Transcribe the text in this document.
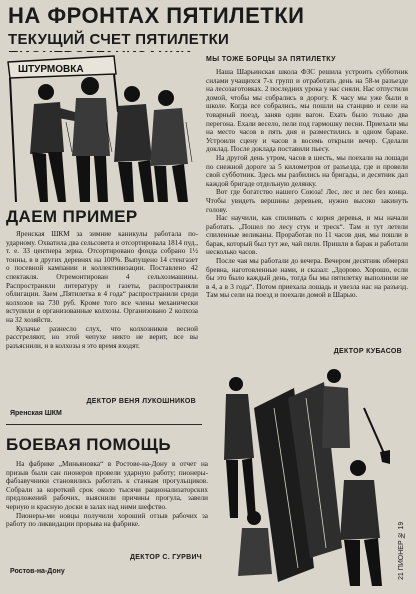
НА ФРОНТАХ ПЯТИЛЕТКИ
ТЕКУЩИЙ СЧЕТ ПЯТИЛЕТКИ
ШТУРМОВКА
МЫ ТОЖЕ БОРЦЫ ЗА ПЯТИЛЕТКУ

Наша Шарьинская школа ФЗС решила устроить субботник силами учащихся 7-х групп и отработать день на 58-м разъезде на лесозаготовках. 2 последних урока у нас сняли. Нас отпустили домой, чтобы мы собрались в дорогу. К часу мы уже были в школе. Когда все собрались, мы пошли на станцию и сели на товарный поезд, заняв один вагон. Ехать было только два перегона. Ехали весело, пели под гармошку песни. Приехали мы на место часов в пять дня и разместились в одном бараке. Устроили сцену и часов в восемь открыли вечер. Сделали доклад. После доклада поставили пьесу.

На другой день утром, часов в шесть, мы поехали на лошади по снежной дороге за 5 километров от разъезда, где и провели свой субботник. Здесь мы разбились на бригады, и десятник дал каждой бригаде отдельную делянку.

Вот где богатство нашего Союза! Лес, лес и лес без конца. Чтобы увидеть вершины деревьев, нужно высоко закинуть голову.

Нас научили, как спиливать с корня деревья, и мы начали работать. „Пошел по лесу стук и треск“. Там и тут летели спиленные великаны. Проработав по 11 часов дня, мы пошли в барак, который был тут же, чай пили. Пришли в барак и работали несколько часов.

После чая мы работали до вечера. Вечером десятник обмерял бревна, наготовленные нами, и сказал: „Здорово. Хорошо, если бы это было каждый день, тогда бы мы пятилетку выполнили не в 4, а в 3 года“. Потом приехала лошадь и увезла нас на разъезд. Там мы сели на поезд и поехали домой в Шарью.

ДЕКТОР КУБАСОВ
ДАЕМ ПРИМЕР

Яренская ШКМ за зимние каникулы работала по-ударному. Охватила два сельсовета и отсортировала 1814 пуд., т. е. 33 центнера зерна. Отсортировано фонда собрано 1½ тонны, в в других деревнях на 100%. Выпущено 14 стенгазет о посевной кампании и коллективизации. Поставлено 42 спектакля. Отремонтирован 4 сельхозмашины. Распространяли литературу и газеты, распространяли облигации. Заем „Пятилетка в 4 года“ распространили среди колхозов на 730 руб. Кроме того все члены механически вступили в организованные колхозы. Организовано 2 колхоза на 32 хозяйств.

Кулачье разнесло слух, что колхозников весной расстреляют, но этой чепухе никто не верит, все вы разъяснили, и в колхозы я это время входят.

ДЕКТОР ВЕНЯ ЛУКОШНИКОВ
Яренская ШКМ
БОЕВАЯ ПОМОЩЬ

На фабрике „Миньяновка“ в Ростове-на-Дону в отчет на призыв были сан пионеров провели ударную работу; пионеры-фабзавучники становились работать к станкам прогульщиков. Собрали за короткий срок около тысячи рационализаторских предложений рабочих, выяснили причины прогула, завели черную и красную доски в залах над ними шефство.

Пионеры-ми новцы получили хороший отзыв рабочих за работу по ликвидации прорыва на фабрике.

ДЕКТОР С. ГУРВИЧ
Ростов-на-Дону	21 ПИОНЕР № 19
